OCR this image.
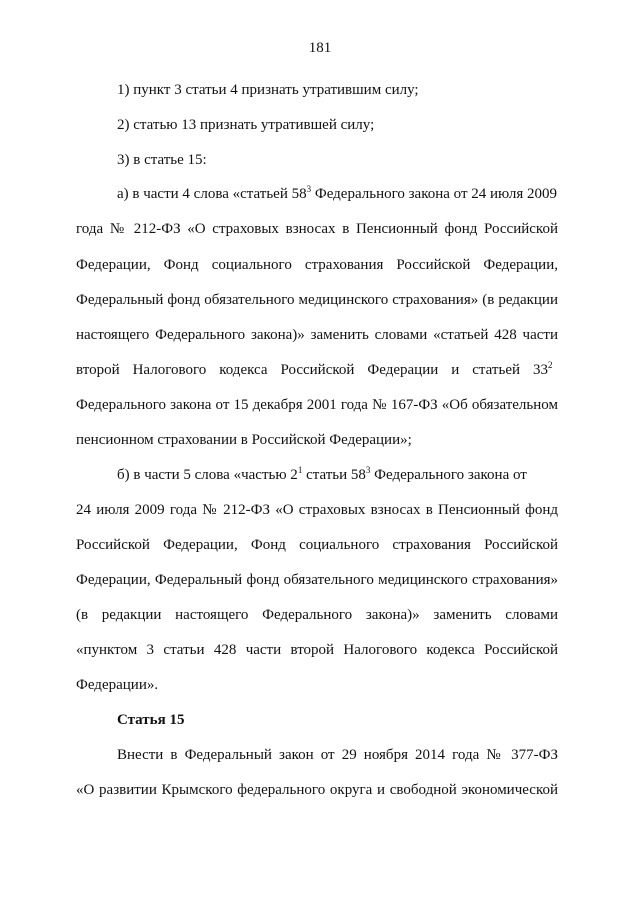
181
1) пункт 3 статьи 4 признать утратившим силу;
2) статью 13 признать утратившей силу;
3) в статье 15:
а) в части 4 слова «статьей $58^3$ Федерального закона от 24 июля 2009
года № 212-ФЗ «О страховых взносах в Пенсионный фонд Российской
Федерации, Фонд социального страхования Российской Федерации,
Федеральный фонд обязательного медицинского страхования» (в редакции
настоящего Федерального закона)» заменить словами «статьей 428 части
второй Налогового кодекса Российской Федерации и статьей $33^2$
Федерального закона от 15 декабря 2001 года № 167-ФЗ «Об обязательном
пенсионном страховании в Российской Федерации»;
б) в части 5 слова «частью $2^1$ статьи $58^3$ Федерального закона от
24 июля 2009 года № 212-ФЗ «О страховых взносах в Пенсионный фонд
Российской Федерации, Фонд социального страхования Российской
Федерации, Федеральный фонд обязательного медицинского страхования»
(в редакции настоящего Федерального закона)» заменить словами
«пунктом 3 статьи 428 части второй Налогового кодекса Российской
Федерации».
Статья 15
Внести в Федеральный закон от 29 ноября 2014 года № 377-ФЗ
«О развитии Крымского федерального округа и свободной экономической
